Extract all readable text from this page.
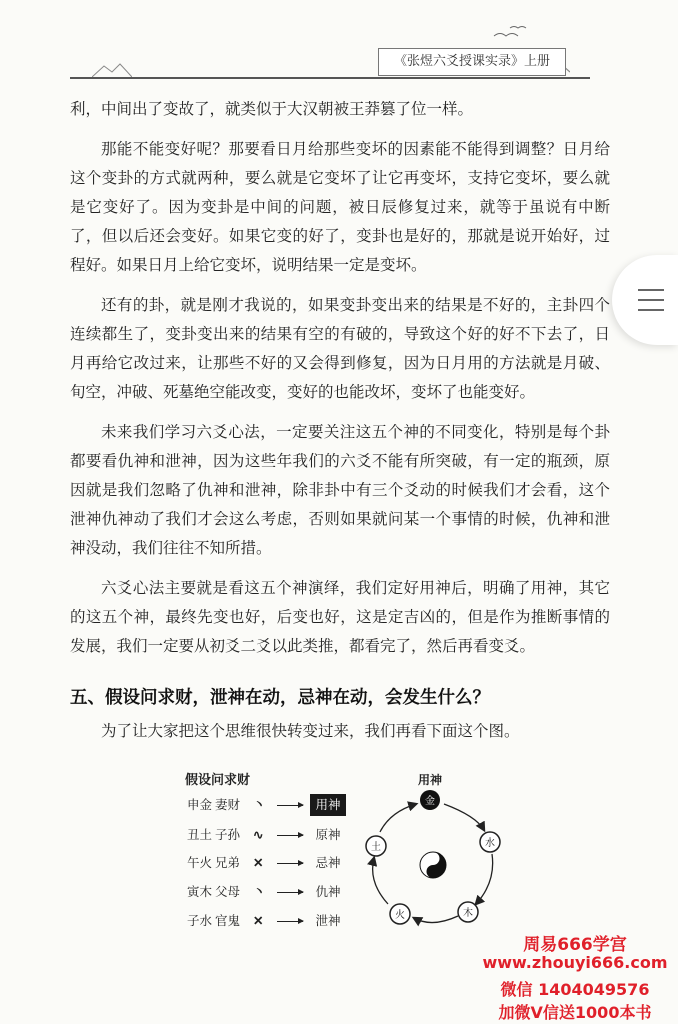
《张煜六爻授课实录》上册

利，中间出了变故了，就类似于大汉朝被王莽篡了位一样。

那能不能变好呢？那要看日月给那些变坏的因素能不能得到调整？日月给这个变卦的方式就两种，要么就是它变坏了让它再变坏，支持它变坏，要么就是它变好了。因为变卦是中间的问题，被日辰修复过来，就等于虽说有中断了，但以后还会变好。如果它变的好了，变卦也是好的，那就是说开始好，过程好。如果日月上给它变坏，说明结果一定是变坏。

还有的卦，就是刚才我说的，如果变卦变出来的结果是不好的，主卦四个连续都生了，变卦变出来的结果有空的有破的，导致这个好的好不下去了，日月再给它改过来，让那些不好的又会得到修复，因为日月用的方法就是月破、旬空，冲破、死墓绝空能改变，变好的也能改坏，变坏了也能变好。

未来我们学习六爻心法，一定要关注这五个神的不同变化，特别是每个卦都要看仇神和泄神，因为这些年我们的六爻不能有所突破，有一定的瓶颈，原因就是我们忽略了仇神和泄神，除非卦中有三个爻动的时候我们才会看，这个泄神仇神动了我们才会这么考虑，否则如果就问某一个事情的时候，仇神和泄神没动，我们往往不知所措。

六爻心法主要就是看这五个神演绎，我们定好用神后，明确了用神，其它的这五个神，最终先变也好，后变也好，这是定吉凶的，但是作为推断事情的发展，我们一定要从初爻二爻以此类推，都看完了，然后再看变爻。

五、假设问求财，泄神在动，忌神在动，会发生什么？
为了让大家把这个思维很快转变过来，我们再看下面这个图。
假设问求财
申金 妻财	丶	用神
丑土 子孙	∿	原神
午火 兄弟	✕	忌神
寅木 父母	丶	仇神
子水 官鬼	✕	泄神
用神
金
水
木
火
土
周易666学宫
www.zhouyi666.com
微信 1404049576
加微V信送1000本书
